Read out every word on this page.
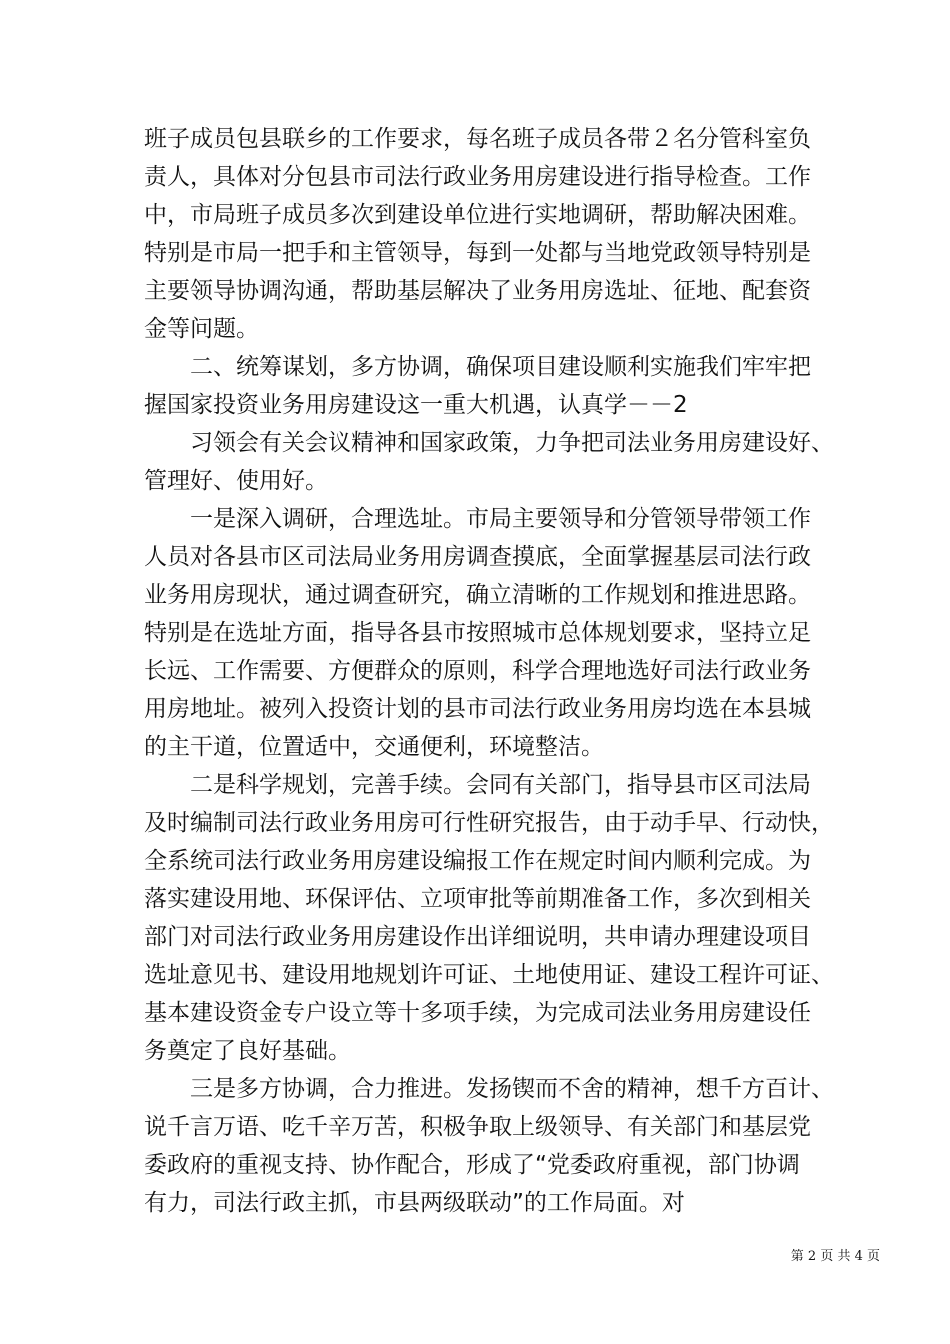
班子成员包县联乡的工作要求，每名班子成员各带２名分管科室负
责人，具体对分包县市司法行政业务用房建设进行指导检查。工作
中，市局班子成员多次到建设单位进行实地调研，帮助解决困难。
特别是市局一把手和主管领导，每到一处都与当地党政领导特别是
主要领导协调沟通，帮助基层解决了业务用房选址、征地、配套资
金等问题。
二、统筹谋划，多方协调，确保项目建设顺利实施我们牢牢把
握国家投资业务用房建设这一重大机遇，认真学－－2
习领会有关会议精神和国家政策，力争把司法业务用房建设好、
管理好、使用好。
一是深入调研，合理选址。市局主要领导和分管领导带领工作
人员对各县市区司法局业务用房调查摸底，全面掌握基层司法行政
业务用房现状，通过调查研究，确立清晰的工作规划和推进思路。
特别是在选址方面，指导各县市按照城市总体规划要求，坚持立足
长远、工作需要、方便群众的原则，科学合理地选好司法行政业务
用房地址。被列入投资计划的县市司法行政业务用房均选在本县城
的主干道，位置适中，交通便利，环境整洁。
二是科学规划，完善手续。会同有关部门，指导县市区司法局
及时编制司法行政业务用房可行性研究报告，由于动手早、行动快，
全系统司法行政业务用房建设编报工作在规定时间内顺利完成。为
落实建设用地、环保评估、立项审批等前期准备工作，多次到相关
部门对司法行政业务用房建设作出详细说明，共申请办理建设项目
选址意见书、建设用地规划许可证、土地使用证、建设工程许可证、
基本建设资金专户设立等十多项手续，为完成司法业务用房建设任
务奠定了良好基础。
三是多方协调，合力推进。发扬锲而不舍的精神，想千方百计、
说千言万语、吃千辛万苦，积极争取上级领导、有关部门和基层党
委政府的重视支持、协作配合，形成了“党委政府重视，部门协调
有力，司法行政主抓，市县两级联动”的工作局面。对
第 2 页 共 4 页
